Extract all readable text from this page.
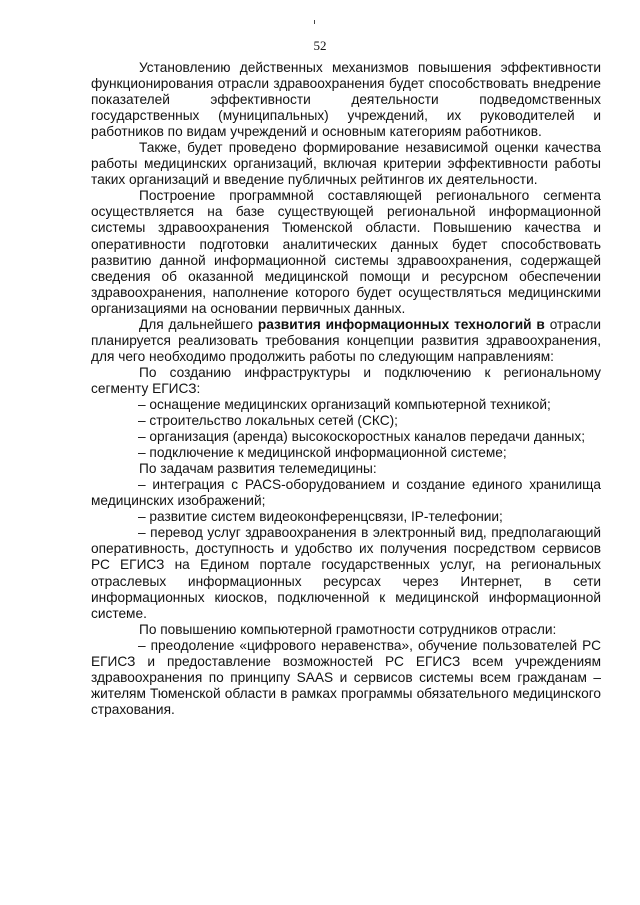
52

Установлению действенных механизмов повышения эффективности функционирования отрасли здравоохранения будет способствовать внедрение показателей эффективности деятельности подведомственных государственных (муниципальных) учреждений, их руководителей и работников по видам учреждений и основным категориям работников.

Также, будет проведено формирование независимой оценки качества работы медицинских организаций, включая критерии эффективности работы таких организаций и введение публичных рейтингов их деятельности.

Построение программной составляющей регионального сегмента осуществляется на базе существующей региональной информационной системы здравоохранения Тюменской области. Повышению качества и оперативности подготовки аналитических данных будет способствовать развитию данной информационной системы здравоохранения, содержащей сведения об оказанной медицинской помощи и ресурсном обеспечении здравоохранения, наполнение которого будет осуществляться медицинскими организациями на основании первичных данных.

Для дальнейшего развития информационных технологий в отрасли планируется реализовать требования концепции развития здравоохранения, для чего необходимо продолжить работы по следующим направлениям:

По созданию инфраструктуры и подключению к региональному сегменту ЕГИСЗ:

– оснащение медицинских организаций компьютерной техникой;

– строительство локальных сетей (СКС);

– организация (аренда) высокоскоростных каналов передачи данных;

– подключение к медицинской информационной системе;

По задачам развития телемедицины:

– интеграция с PACS-оборудованием и создание единого хранилища медицинских изображений;

– развитие систем видеоконференцсвязи, IP-телефонии;

– перевод услуг здравоохранения в электронный вид, предполагающий оперативность, доступность и удобство их получения посредством сервисов РС ЕГИСЗ на Едином портале государственных услуг, на региональных отраслевых информационных ресурсах через Интернет, в сети информационных киосков, подключенной к медицинской информационной системе.

По повышению компьютерной грамотности сотрудников отрасли:

– преодоление «цифрового неравенства», обучение пользователей РС ЕГИСЗ и предоставление возможностей РС ЕГИСЗ всем учреждениям здравоохранения по принципу SAAS и сервисов системы всем гражданам – жителям Тюменской области в рамках программы обязательного медицинского страхования.
